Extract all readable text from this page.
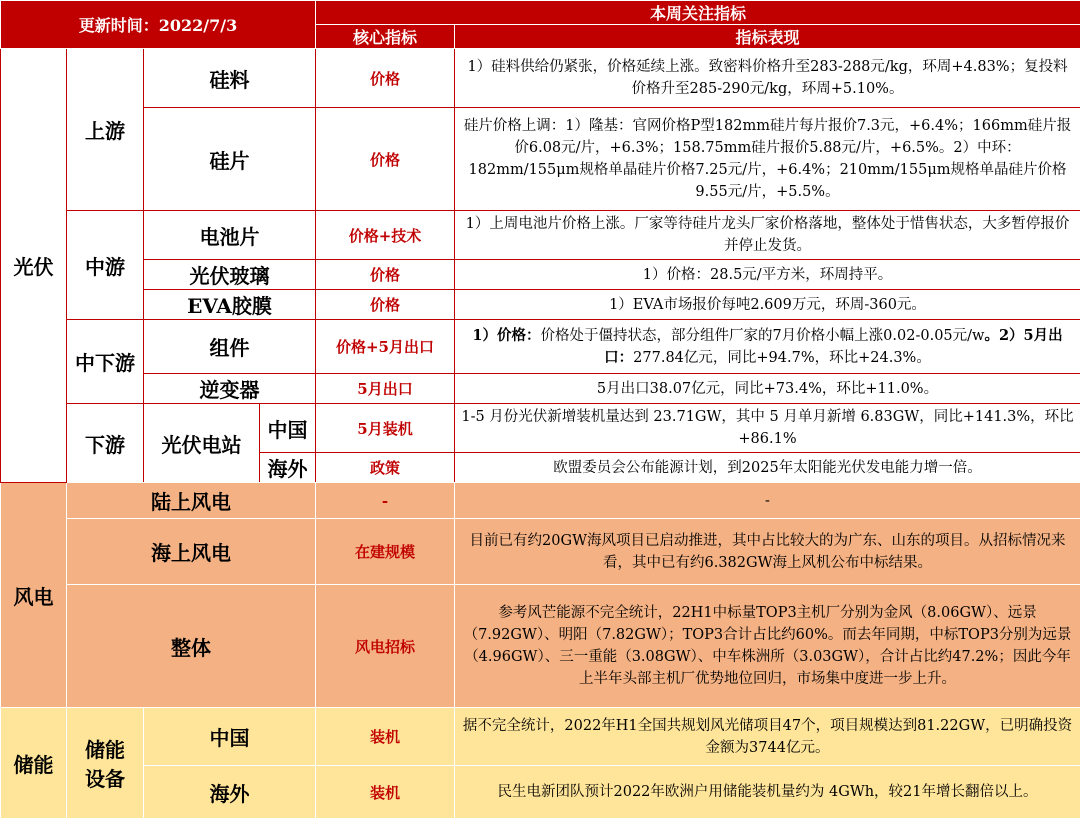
更新时间：2022/7/3				本周关注指标	
				核心指标	指标表现
光伏	上游	硅料		价格	1）硅料供给仍紧张，价格延续上涨。致密料价格升至283-288元/kg，环周+4.83%；复投料价格升至285-290元/kg，环周+5.10%。
		硅片		价格	硅片价格上调：1）隆基：官网价格P型182mm硅片每片报价7.3元，+6.4%；166mm硅片报价6.08元/片，+6.3%；158.75mm硅片报价5.88元/片，+6.5%。2）中环：182mm/155μm规格单晶硅片价格7.25元/片，+6.4%；210mm/155μm规格单晶硅片价格9.55元/片，+5.5%。
	中游	电池片		价格+技术	1）上周电池片价格上涨。厂家等待硅片龙头厂家价格落地，整体处于惜售状态，大多暂停报价并停止发货。
		光伏玻璃		价格	1）价格：28.5元/平方米，环周持平。
		EVA胶膜		价格	1）EVA市场报价每吨2.609万元，环周-360元。
	中下游	组件		价格+5月出口	1）价格：价格处于僵持状态，部分组件厂家的7月价格小幅上涨0.02-0.05元/w。2）5月出口：277.84亿元，同比+94.7%，环比+24.3%。
		逆变器		5月出口	5月出口38.07亿元，同比+73.4%，环比+11.0%。
	下游	光伏电站	中国	5月装机	1-5 月份光伏新增装机量达到 23.71GW，其中 5 月单月新增 6.83GW，同比+141.3%，环比+86.1%
			海外	政策	欧盟委员会公布能源计划，到2025年太阳能光伏发电能力增一倍。

风电	陆上风电			-	-
	海上风电			在建规模	目前已有约20GW海风项目已启动推进，其中占比较大的为广东、山东的项目。从招标情况来看，其中已有约6.382GW海上风机公布中标结果。
	整体			风电招标	参考风芒能源不完全统计，22H1中标量TOP3主机厂分别为金风（8.06GW）、远景（7.92GW）、明阳（7.82GW）；TOP3合计占比约60%。而去年同期，中标TOP3分别为远景（4.96GW）、三一重能（3.08GW）、中车株洲所（3.03GW），合计占比约47.2%；因此今年上半年头部主机厂优势地位回归，市场集中度进一步上升。
储能	储能设备	中国		装机	据不完全统计，2022年H1全国共规划风光储项目47个，项目规模达到81.22GW，已明确投资金额为3744亿元。
		海外		装机	民生电新团队预计2022年欧洲户用储能装机量约为 4GWh，较21年增长翻倍以上。
